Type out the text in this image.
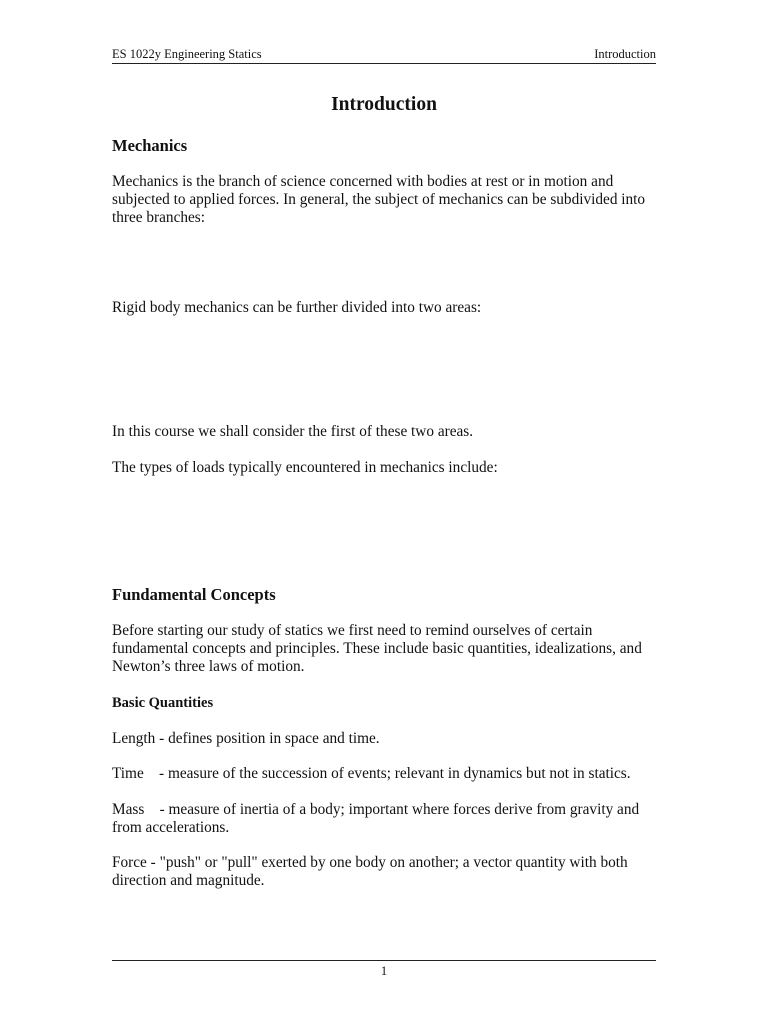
ES 1022y Engineering Statics	Introduction
Introduction
Mechanics
Mechanics is the branch of science concerned with bodies at rest or in motion and subjected to applied forces. In general, the subject of mechanics can be subdivided into three branches:
Rigid body mechanics can be further divided into two areas:
In this course we shall consider the first of these two areas.
The types of loads typically encountered in mechanics include:
Fundamental Concepts
Before starting our study of statics we first need to remind ourselves of certain fundamental concepts and principles. These include basic quantities, idealizations, and Newton’s three laws of motion.
Basic Quantities
Length - defines position in space and time.
Time    - measure of the succession of events; relevant in dynamics but not in statics.
Mass    - measure of inertia of a body; important where forces derive from gravity and from accelerations.
Force - "push" or "pull" exerted by one body on another; a vector quantity with both direction and magnitude.
1
